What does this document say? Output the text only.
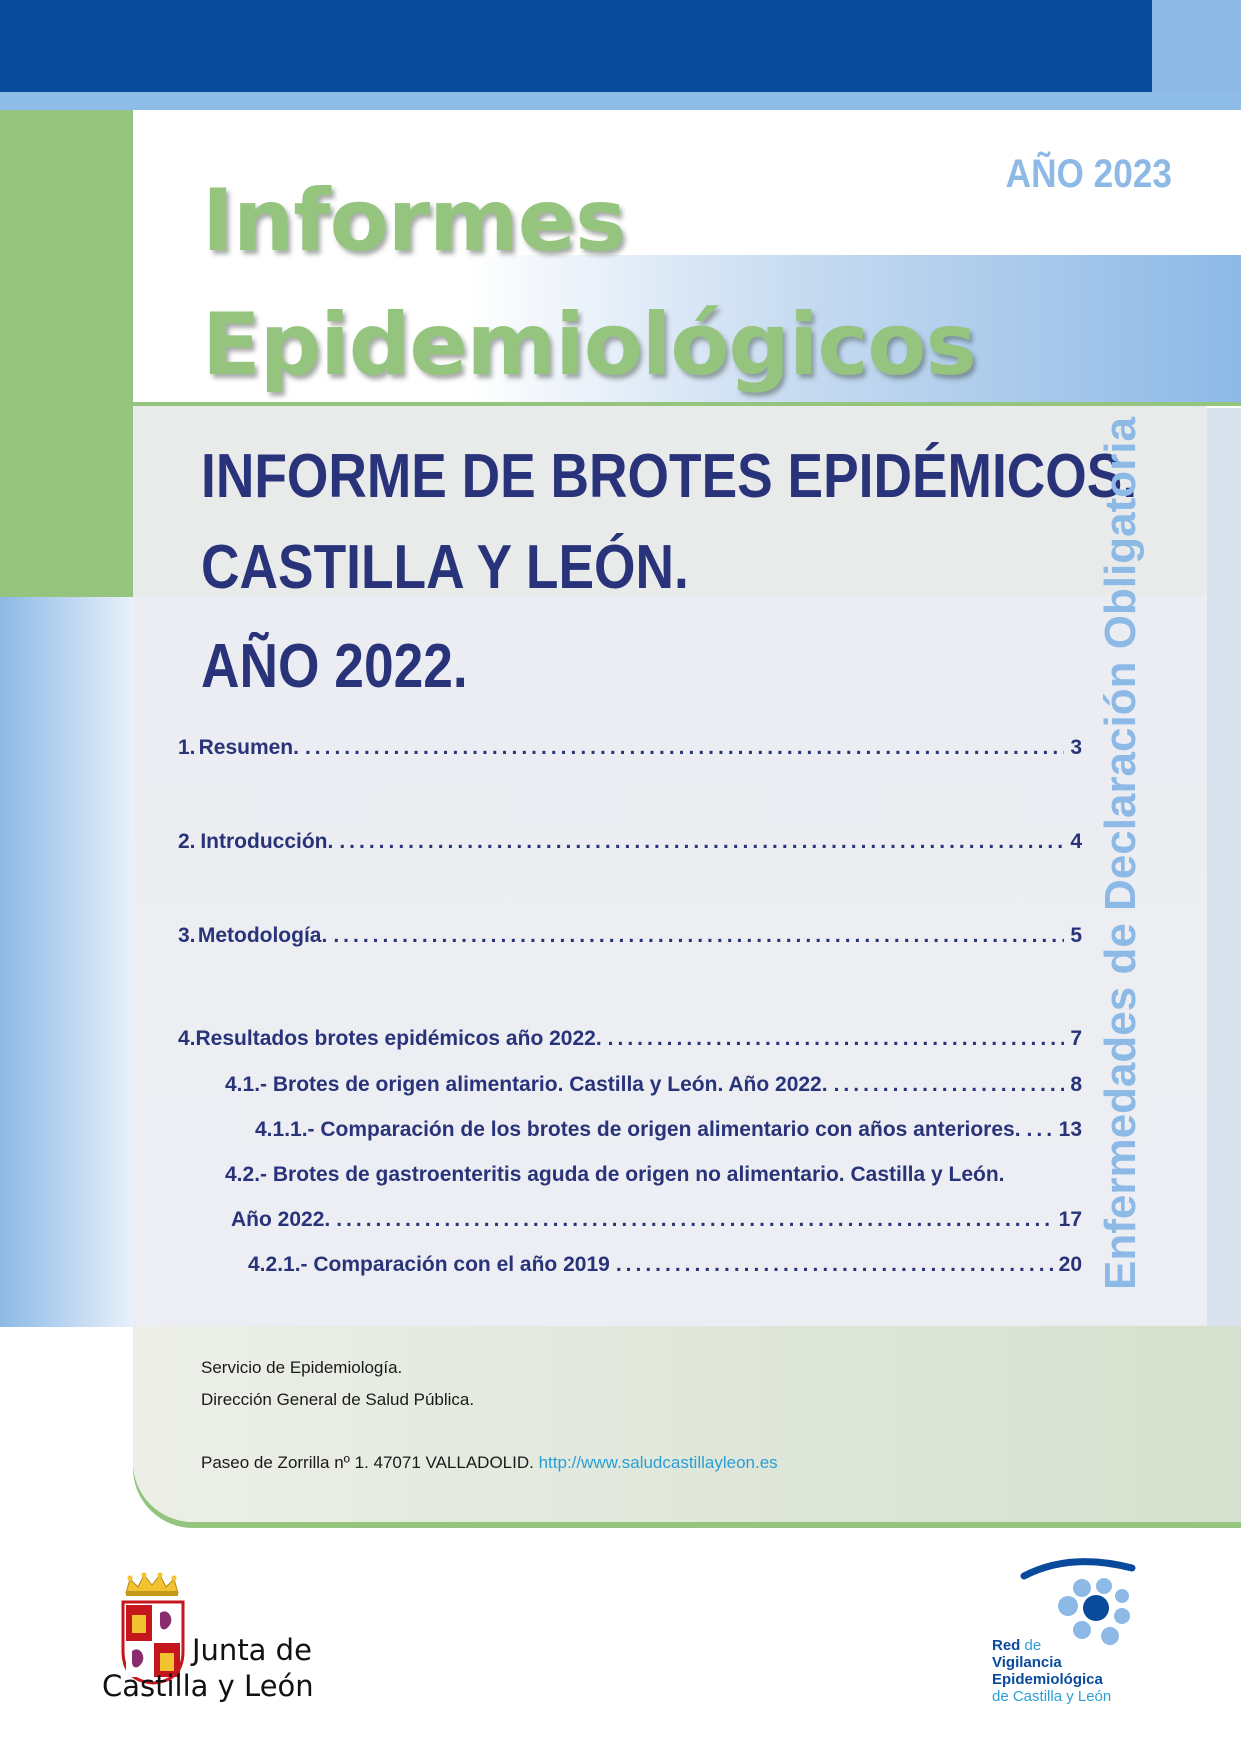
AÑO 2023
Informes
Epidemiológicos
INFORME DE BROTES EPIDÉMICOS.
CASTILLA Y LEÓN.
AÑO 2022.	Enfermedades de Declaración Obligatoria
1. Resumen. .....	3
2. Introducción. .....	4
3. Metodología. .....	5
4. Resultados brotes epidémicos año 2022. .....	7
4.1.- Brotes de origen alimentario. Castilla y León. Año 2022. .....	8
4.1.1.- Comparación de los brotes de origen alimentario con años anteriores. ..... 13
4.2.- Brotes de gastroenteritis aguda de origen no alimentario. Castilla y León.
Año 2022. .....	17
4.2.1.- Comparación con el año 2019 .....	20
Servicio de Epidemiología.
Dirección General de Salud Pública.
Paseo de Zorrilla nº 1. 47071 VALLADOLID. http://www.saludcastillayleon.es
Junta de
Castilla y León
Red de
Vigilancia
Epidemiológica
de Castilla y León
